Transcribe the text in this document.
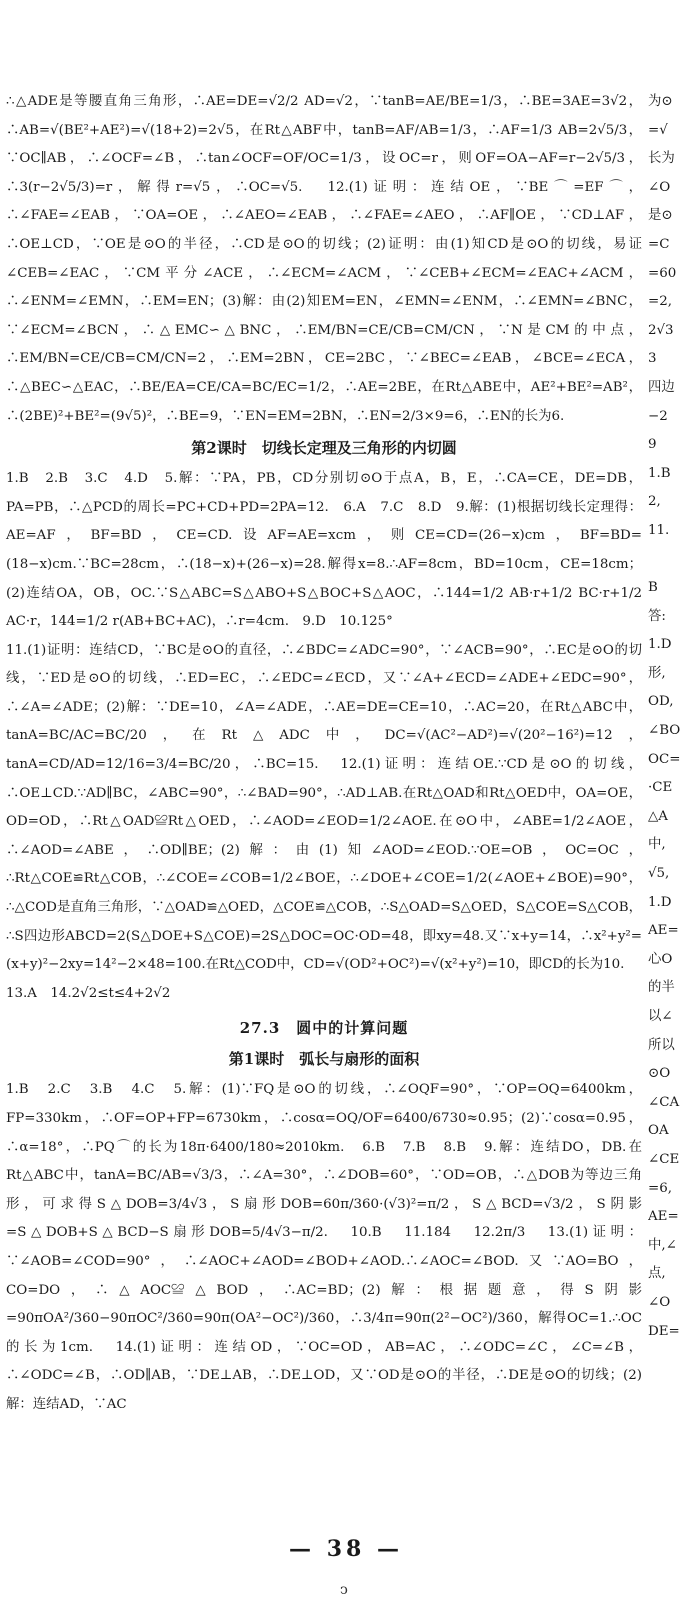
∴△ADE是等腰直角三角形，∴AE=DE=√2/2 AD=√2，∵tanB=AE/BE=1/3，∴BE=3AE=3√2，∴AB=√(BE²+AE²)=√(18+2)=2√5，在Rt△ABF中，tanB=AF/AB=1/3，∴AF=1/3 AB=2√5/3，∵OC∥AB，∴∠OCF=∠B，∴tan∠OCF=OF/OC=1/3，设OC=r，则OF=OA−AF=r−2√5/3，∴3(r−2√5/3)=r，解得r=√5，∴OC=√5.　12.(1)证明：连结OE，∵BE⌒=EF⌒，∴∠FAE=∠EAB，∵OA=OE，∴∠AEO=∠EAB，∴∠FAE=∠AEO，∴AF∥OE，∵CD⊥AF，∴OE⊥CD，∵OE是⊙O的半径，∴CD是⊙O的切线；(2)证明：由(1)知CD是⊙O的切线，易证∠CEB=∠EAC，∵CM平分∠ACE，∴∠ECM=∠ACM，∵∠CEB+∠ECM=∠EAC+∠ACM，∴∠ENM=∠EMN，∴EM=EN；(3)解：由(2)知EM=EN，∠EMN=∠ENM，∴∠EMN=∠BNC，∵∠ECM=∠BCN，∴△EMC∽△BNC，∴EM/BN=CE/CB=CM/CN，∵N是CM的中点，∴EM/BN=CE/CB=CM/CN=2，∴EM=2BN，CE=2BC，∵∠BEC=∠EAB，∠BCE=∠ECA，∴△BEC∽△EAC，∴BE/EA=CE/CA=BC/EC=1/2，∴AE=2BE，在Rt△ABE中，AE²+BE²=AB²，∴(2BE)²+BE²=(9√5)²，∴BE=9，∵EN=EM=2BN，∴EN=2/3×9=6，∴EN的长为6.

第2课时　切线长定理及三角形的内切圆

1.B　2.B　3.C　4.D　5.解：∵PA，PB，CD分别切⊙O于点A，B，E，∴CA=CE，DE=DB，PA=PB，∴△PCD的周长=PC+CD+PD=2PA=12.　6.A　7.C　8.D　9.解：(1)根据切线长定理得：AE=AF，BF=BD，CE=CD.设AF=AE=xcm，则CE=CD=(26−x)cm，BF=BD=(18−x)cm.∵BC=28cm，∴(18−x)+(26−x)=28.解得x=8.∴AF=8cm，BD=10cm，CE=18cm；(2)连结OA，OB，OC.∵S△ABC=S△ABO+S△BOC+S△AOC，∴144=1/2 AB·r+1/2 BC·r+1/2 AC·r，144=1/2 r(AB+BC+AC)，∴r=4cm.　9.D　10.125°

11.(1)证明：连结CD，∵BC是⊙O的直径，∴∠BDC=∠ADC=90°，∵∠ACB=90°，∴EC是⊙O的切线，∵ED是⊙O的切线，∴ED=EC，∴∠EDC=∠ECD，又∵∠A+∠ECD=∠ADE+∠EDC=90°，∴∠A=∠ADE；(2)解：∵DE=10，∠A=∠ADE，∴AE=DE=CE=10，∴AC=20，在Rt△ABC中，tanA=BC/AC=BC/20，在Rt△ADC中，DC=√(AC²−AD²)=√(20²−16²)=12，tanA=CD/AD=12/16=3/4=BC/20，∴BC=15.　12.(1)证明：连结OE.∵CD是⊙O的切线，∴OE⊥CD.∵AD∥BC，∠ABC=90°，∴∠BAD=90°，∴AD⊥AB.在Rt△OAD和Rt△OED中，OA=OE，OD=OD，∴Rt△OAD≌Rt△OED，∴∠AOD=∠EOD=1/2∠AOE.在⊙O中，∠ABE=1/2∠AOE，∴∠AOD=∠ABE，∴OD∥BE；(2)解：由(1)知∠AOD=∠EOD.∵OE=OB，OC=OC，∴Rt△COE≌Rt△COB，∴∠COE=∠COB=1/2∠BOE，∴∠DOE+∠COE=1/2(∠AOE+∠BOE)=90°，∴△COD是直角三角形，∵△OAD≌△OED，△COE≌△COB，∴S△OAD=S△OED，S△COE=S△COB，∴S四边形ABCD=2(S△DOE+S△COE)=2S△DOC=OC·OD=48，即xy=48.又∵x+y=14，∴x²+y²=(x+y)²−2xy=14²−2×48=100.在Rt△COD中，CD=√(OD²+OC²)=√(x²+y²)=10，即CD的长为10.

13.A　14.2√2≤t≤4+2√2

27.3　圆中的计算问题
第1课时　弧长与扇形的面积

1.B　2.C　3.B　4.C　5.解：(1)∵FQ是⊙O的切线，∴∠OQF=90°，∵OP=OQ=6400km，FP=330km，∴OF=OP+FP=6730km，∴cosα=OQ/OF=6400/6730≈0.95；(2)∵cosα=0.95，∴α=18°，∴PQ⌒的长为18π·6400/180≈2010km.　6.B　7.B　8.B　9.解：连结DO，DB.在Rt△ABC中，tanA=BC/AB=√3/3，∴∠A=30°，∴∠DOB=60°，∵OD=OB，∴△DOB为等边三角形，可求得S△DOB=3/4√3，S扇形DOB=60π/360·(√3)²=π/2，S△BCD=√3/2，S阴影=S△DOB+S△BCD−S扇形DOB=5/4√3−π/2.　10.B　11.184　12.2π/3　13.(1)证明：∵∠AOB=∠COD=90°，∴∠AOC+∠AOD=∠BOD+∠AOD.∴∠AOC=∠BOD.又∵AO=BO，CO=DO，∴△AOC≌△BOD，∴AC=BD；(2)解：根据题意，得S阴影=90πOA²/360−90πOC²/360=90π(OA²−OC²)/360，∴3/4π=90π(2²−OC²)/360，解得OC=1.∴OC的长为1cm.　14.(1)证明：连结OD，∵OC=OD，AB=AC，∴∠ODC=∠C，∠C=∠B，∴∠ODC=∠B，∴OD∥AB，∵DE⊥AB，∴DE⊥OD，又∵OD是⊙O的半径，∴DE是⊙O的切线；(2)解：连结AD，∵AC

为⊙
=√
长为
∠O
是⊙
=C
=60
=2,
2√3
3
四边
−2
9
1.B
2,
11.
B
答:
1.D
形,
OD,
∠BO
OC=
·CE
△A
中,
√5,
1.D
AE=
心O
的半
以∠
所以
⊙O
∠CA
OA
∠CE
=6,
AE=
中,∠
点,
∠O
DE=
— 38 —
ↄ
